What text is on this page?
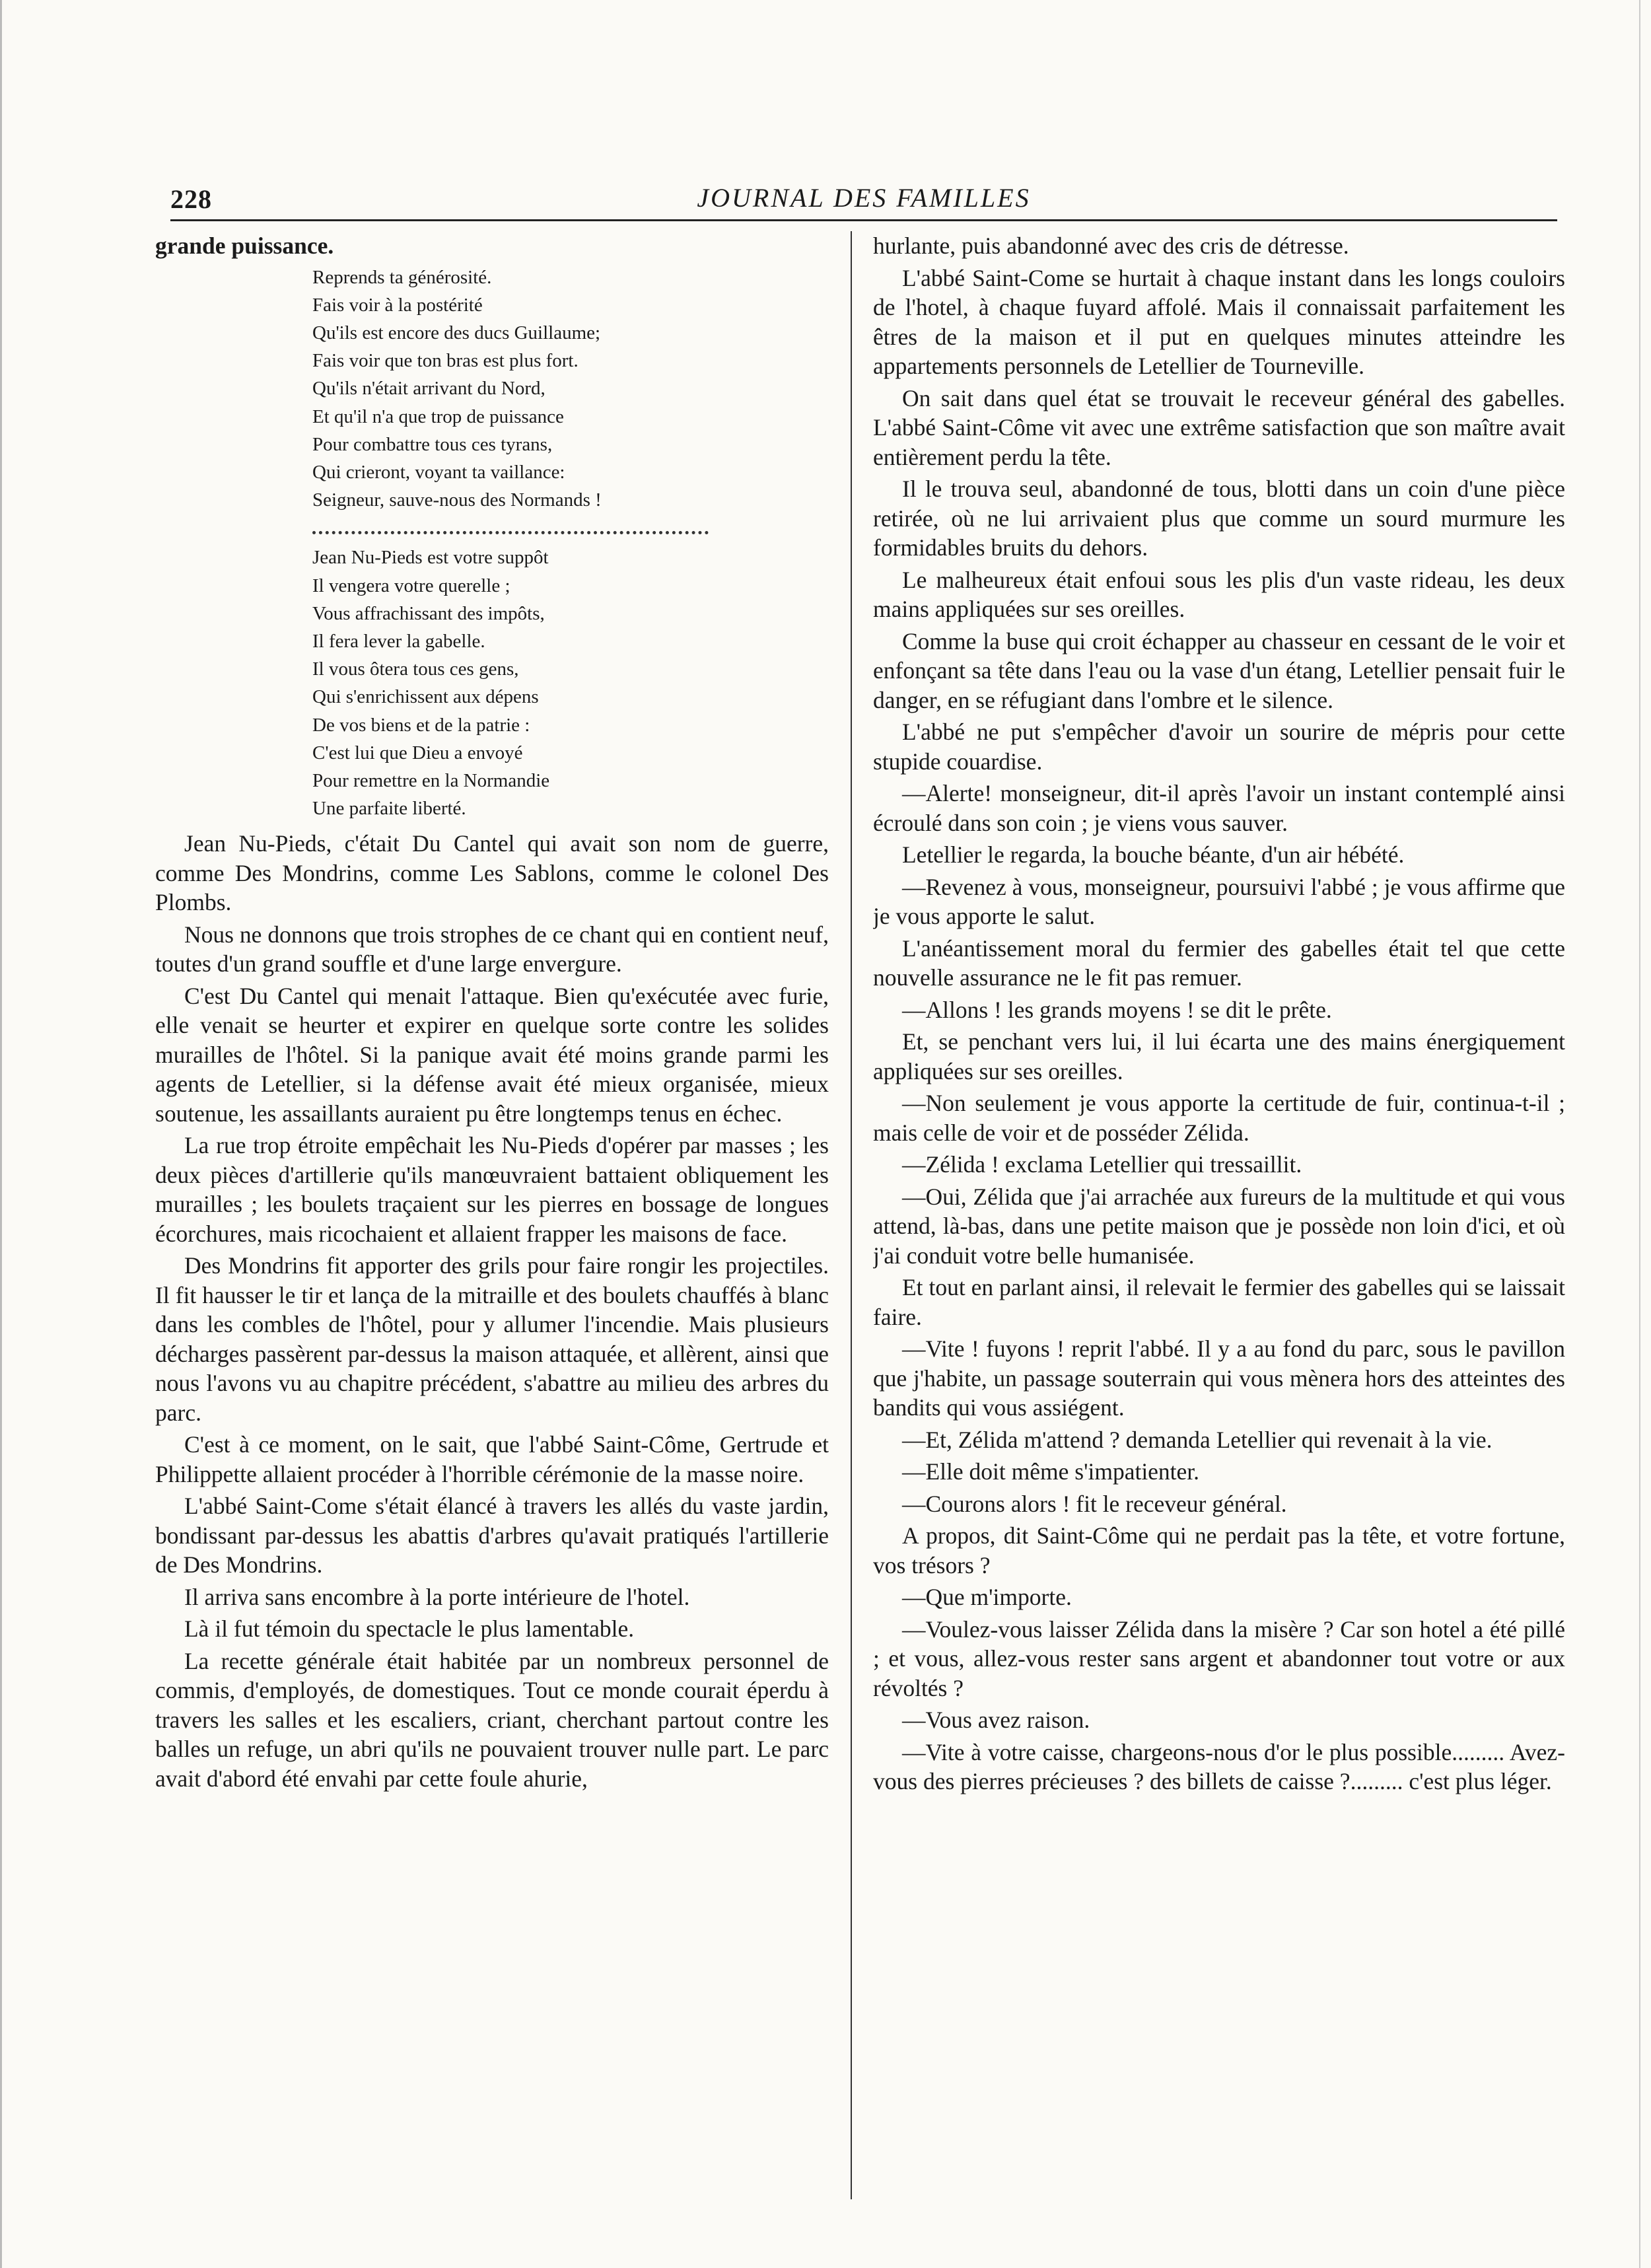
228	JOURNAL DES FAMILLES

grande puissance.

Reprends ta générosité.
Fais voir à la postérité
Qu'ils est encore des ducs Guillaume;
Fais voir que ton bras est plus fort.
Qu'ils n'était arrivant du Nord,
Et qu'il n'a que trop de puissance
Pour combattre tous ces tyrans,
Qui crieront, voyant ta vaillance:
Seigneur, sauve-nous des Normands !
Jean Nu-Pieds est votre suppôt
Il vengera votre querelle ;
Vous affrachissant des impôts,
Il fera lever la gabelle.
Il vous ôtera tous ces gens,
Qui s'enrichissent aux dépens
De vos biens et de la patrie :
C'est lui que Dieu a envoyé
Pour remettre en la Normandie
Une parfaite liberté.

Jean Nu-Pieds, c'était Du Cantel qui avait son nom de guerre, comme Des Mondrins, comme Les Sablons, comme le colonel Des Plombs.

Nous ne donnons que trois strophes de ce chant qui en contient neuf, toutes d'un grand souffle et d'une large envergure.

C'est Du Cantel qui menait l'attaque. Bien qu'exécutée avec furie, elle venait se heurter et expirer en quelque sorte contre les solides murailles de l'hôtel. Si la panique avait été moins grande parmi les agents de Letellier, si la défense avait été mieux organisée, mieux soutenue, les assaillants auraient pu être longtemps tenus en échec.

La rue trop étroite empêchait les Nu-Pieds d'opérer par masses ; les deux pièces d'artillerie qu'ils manœuvraient battaient obliquement les murailles ; les boulets traçaient sur les pierres en bossage de longues écorchures, mais ricochaient et allaient frapper les maisons de face.

Des Mondrins fit apporter des grils pour faire rongir les projectiles. Il fit hausser le tir et lança de la mitraille et des boulets chauffés à blanc dans les combles de l'hôtel, pour y allumer l'incendie. Mais plusieurs décharges passèrent par-dessus la maison attaquée, et allèrent, ainsi que nous l'avons vu au chapitre précédent, s'abattre au milieu des arbres du parc.

C'est à ce moment, on le sait, que l'abbé Saint-Côme, Gertrude et Philippette allaient procéder à l'horrible cérémonie de la masse noire.

L'abbé Saint-Come s'était élancé à travers les allés du vaste jardin, bondissant par-dessus les abattis d'arbres qu'avait pratiqués l'artillerie de Des Mondrins.

Il arriva sans encombre à la porte intérieure de l'hotel.

Là il fut témoin du spectacle le plus lamentable.

La recette générale était habitée par un nombreux personnel de commis, d'employés, de domestiques. Tout ce monde courait éperdu à travers les salles et les escaliers, criant, cherchant partout contre les balles un refuge, un abri qu'ils ne pouvaient trouver nulle part. Le parc avait d'abord été envahi par cette foule ahurie,

hurlante, puis abandonné avec des cris de détresse.

L'abbé Saint-Come se hurtait à chaque instant dans les longs couloirs de l'hotel, à chaque fuyard affolé. Mais il connaissait parfaitement les êtres de la maison et il put en quelques minutes atteindre les appartements personnels de Letellier de Tourneville.

On sait dans quel état se trouvait le receveur général des gabelles. L'abbé Saint-Côme vit avec une extrême satisfaction que son maître avait entièrement perdu la tête.

Il le trouva seul, abandonné de tous, blotti dans un coin d'une pièce retirée, où ne lui arrivaient plus que comme un sourd murmure les formidables bruits du dehors.

Le malheureux était enfoui sous les plis d'un vaste rideau, les deux mains appliquées sur ses oreilles.

Comme la buse qui croit échapper au chasseur en cessant de le voir et enfonçant sa tête dans l'eau ou la vase d'un étang, Letellier pensait fuir le danger, en se réfugiant dans l'ombre et le silence.

L'abbé ne put s'empêcher d'avoir un sourire de mépris pour cette stupide couardise.

—Alerte! monseigneur, dit-il après l'avoir un instant contemplé ainsi écroulé dans son coin ; je viens vous sauver.

Letellier le regarda, la bouche béante, d'un air hébété.

—Revenez à vous, monseigneur, poursuivi l'abbé ; je vous affirme que je vous apporte le salut.

L'anéantissement moral du fermier des gabelles était tel que cette nouvelle assurance ne le fit pas remuer.

—Allons ! les grands moyens ! se dit le prête.

Et, se penchant vers lui, il lui écarta une des mains énergiquement appliquées sur ses oreilles.

—Non seulement je vous apporte la certitude de fuir, continua-t-il ; mais celle de voir et de posséder Zélida.

—Zélida ! exclama Letellier qui tressaillit.

—Oui, Zélida que j'ai arrachée aux fureurs de la multitude et qui vous attend, là-bas, dans une petite maison que je possède non loin d'ici, et où j'ai conduit votre belle humanisée.

Et tout en parlant ainsi, il relevait le fermier des gabelles qui se laissait faire.

—Vite ! fuyons ! reprit l'abbé. Il y a au fond du parc, sous le pavillon que j'habite, un passage souterrain qui vous mènera hors des atteintes des bandits qui vous assiégent.

—Et, Zélida m'attend ? demanda Letellier qui revenait à la vie.

—Elle doit même s'impatienter.

—Courons alors ! fit le receveur général.

A propos, dit Saint-Côme qui ne perdait pas la tête, et votre fortune, vos trésors ?

—Que m'importe.

—Voulez-vous laisser Zélida dans la misère ? Car son hotel a été pillé ; et vous, allez-vous rester sans argent et abandonner tout votre or aux révoltés ?

—Vous avez raison.

—Vite à votre caisse, chargeons-nous d'or le plus possible......... Avez-vous des pierres précieuses ? des billets de caisse ?......... c'est plus léger.
